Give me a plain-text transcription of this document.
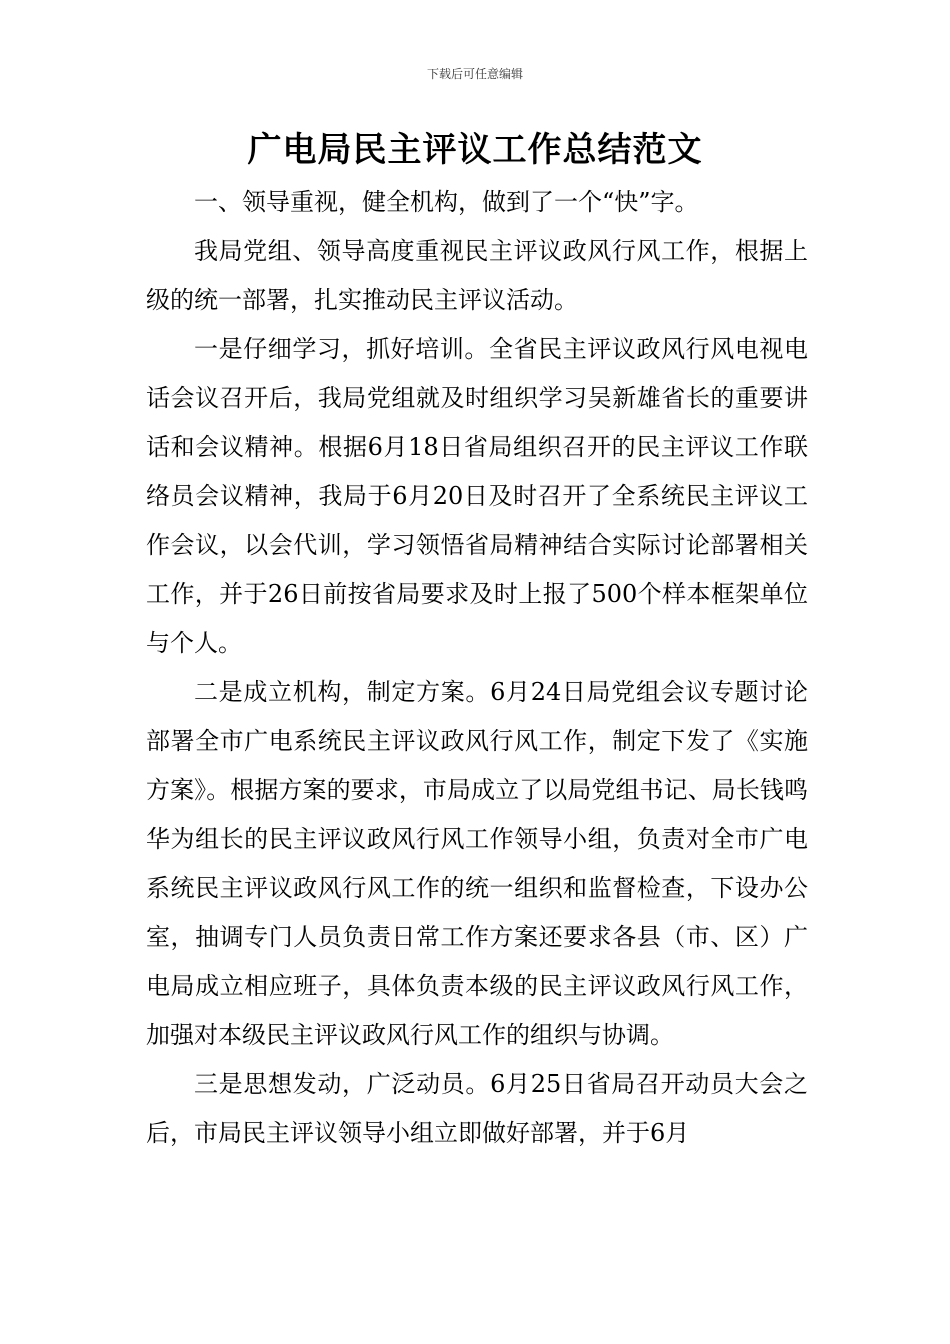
下载后可任意编辑
广电局民主评议工作总结范文

一、领导重视，健全机构，做到了一个“快”字。

我局党组、领导高度重视民主评议政风行风工作，根据上级的统一部署，扎实推动民主评议活动。

一是仔细学习，抓好培训。全省民主评议政风行风电视电话会议召开后，我局党组就及时组织学习吴新雄省长的重要讲话和会议精神。根据6月18日省局组织召开的民主评议工作联络员会议精神，我局于6月20日及时召开了全系统民主评议工作会议，以会代训，学习领悟省局精神结合实际讨论部署相关工作，并于26日前按省局要求及时上报了500个样本框架单位与个人。

二是成立机构，制定方案。6月24日局党组会议专题讨论部署全市广电系统民主评议政风行风工作，制定下发了《实施方案》。根据方案的要求，市局成立了以局党组书记、局长钱鸣华为组长的民主评议政风行风工作领导小组，负责对全市广电系统民主评议政风行风工作的统一组织和监督检查，下设办公室，抽调专门人员负责日常工作方案还要求各县（市、区）广电局成立相应班子，具体负责本级的民主评议政风行风工作，加强对本级民主评议政风行风工作的组织与协调。

三是思想发动，广泛动员。6月25日省局召开动员大会之后，市局民主评议领导小组立即做好部署，并于6月
